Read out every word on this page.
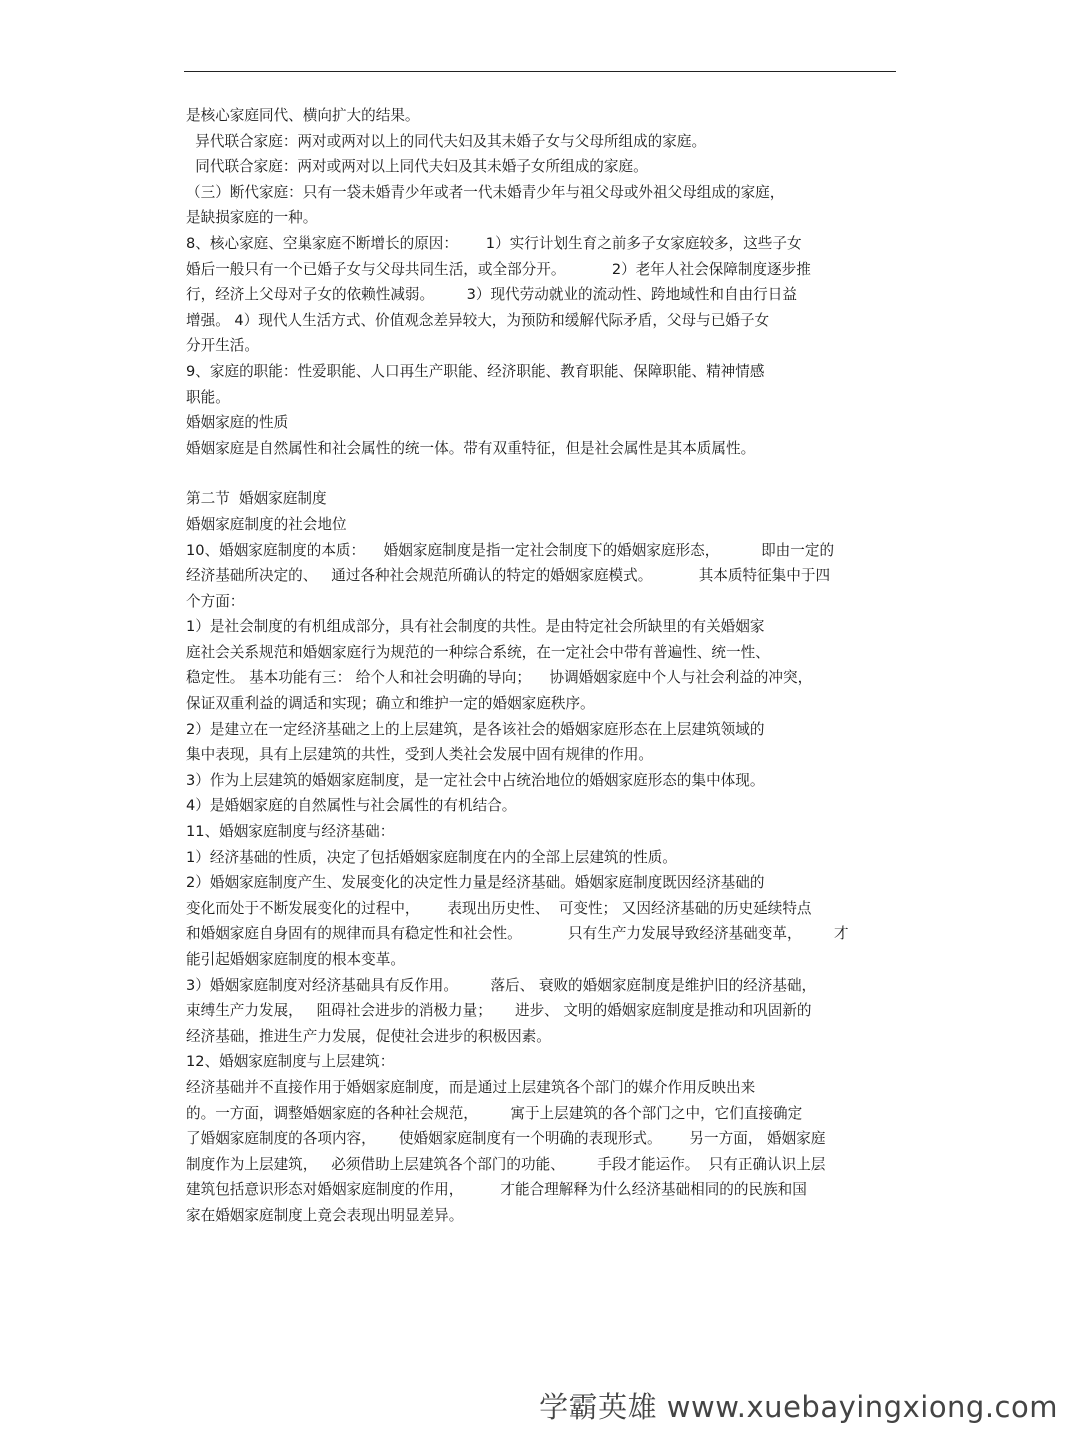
是核心家庭同代、横向扩大的结果。
异代联合家庭：两对或两对以上的同代夫妇及其未婚子女与父母所组成的家庭。
同代联合家庭：两对或两对以上同代夫妇及其未婚子女所组成的家庭。
（三）断代家庭：只有一袋未婚青少年或者一代未婚青少年与祖父母或外祖父母组成的家庭，
是缺损家庭的一种。
8、核心家庭、空巢家庭不断增长的原因：      1）实行计划生育之前多子女家庭较多，这些子女
婚后一般只有一个已婚子女与父母共同生活，或全部分开。          2）老年人社会保障制度逐步推
行，经济上父母对子女的依赖性减弱。       3）现代劳动就业的流动性、跨地域性和自由行日益
增强。 4）现代人生活方式、价值观念差异较大，为预防和缓解代际矛盾，父母与已婚子女
分开生活。
9、家庭的职能：性爱职能、人口再生产职能、经济职能、教育职能、保障职能、精神情感
职能。
婚姻家庭的性质
婚姻家庭是自然属性和社会属性的统一体。带有双重特征，但是社会属性是其本质属性。
第二节  婚姻家庭制度
婚姻家庭制度的社会地位
10、婚姻家庭制度的本质：    婚姻家庭制度是指一定社会制度下的婚姻家庭形态，         即由一定的
经济基础所决定的、   通过各种社会规范所确认的特定的婚姻家庭模式。          其本质特征集中于四
个方面：
1）是社会制度的有机组成部分，具有社会制度的共性。是由特定社会所缺里的有关婚姻家
庭社会关系规范和婚姻家庭行为规范的一种综合系统，在一定社会中带有普遍性、统一性、
稳定性。 基本功能有三： 给个人和社会明确的导向；    协调婚姻家庭中个人与社会利益的冲突，
保证双重利益的调适和实现；确立和维护一定的婚姻家庭秩序。
2）是建立在一定经济基础之上的上层建筑，是各该社会的婚姻家庭形态在上层建筑领域的
集中表现，具有上层建筑的共性，受到人类社会发展中固有规律的作用。
3）作为上层建筑的婚姻家庭制度，是一定社会中占统治地位的婚姻家庭形态的集中体现。
4）是婚姻家庭的自然属性与社会属性的有机结合。
11、婚姻家庭制度与经济基础：
1）经济基础的性质，决定了包括婚姻家庭制度在内的全部上层建筑的性质。
2）婚姻家庭制度产生、发展变化的决定性力量是经济基础。婚姻家庭制度既因经济基础的
变化而处于不断发展变化的过程中，      表现出历史性、  可变性； 又因经济基础的历史延续特点
和婚姻家庭自身固有的规律而具有稳定性和社会性。          只有生产力发展导致经济基础变革，       才
能引起婚姻家庭制度的根本变革。
3）婚姻家庭制度对经济基础具有反作用。       落后、 衰败的婚姻家庭制度是维护旧的经济基础，
束缚生产力发展，   阻碍社会进步的消极力量；     进步、 文明的婚姻家庭制度是推动和巩固新的
经济基础，推进生产力发展，促使社会进步的积极因素。
12、婚姻家庭制度与上层建筑：
经济基础并不直接作用于婚姻家庭制度，而是通过上层建筑各个部门的媒介作用反映出来
的。一方面，调整婚姻家庭的各种社会规范，       寓于上层建筑的各个部门之中，它们直接确定
了婚姻家庭制度的各项内容，     使婚姻家庭制度有一个明确的表现形式。      另一方面， 婚姻家庭
制度作为上层建筑，   必须借助上层建筑各个部门的功能、       手段才能运作。  只有正确认识上层
建筑包括意识形态对婚姻家庭制度的作用，        才能合理解释为什么经济基础相同的的民族和国
家在婚姻家庭制度上竟会表现出明显差异。
学霸英雄 www.xuebayingxiong.com
